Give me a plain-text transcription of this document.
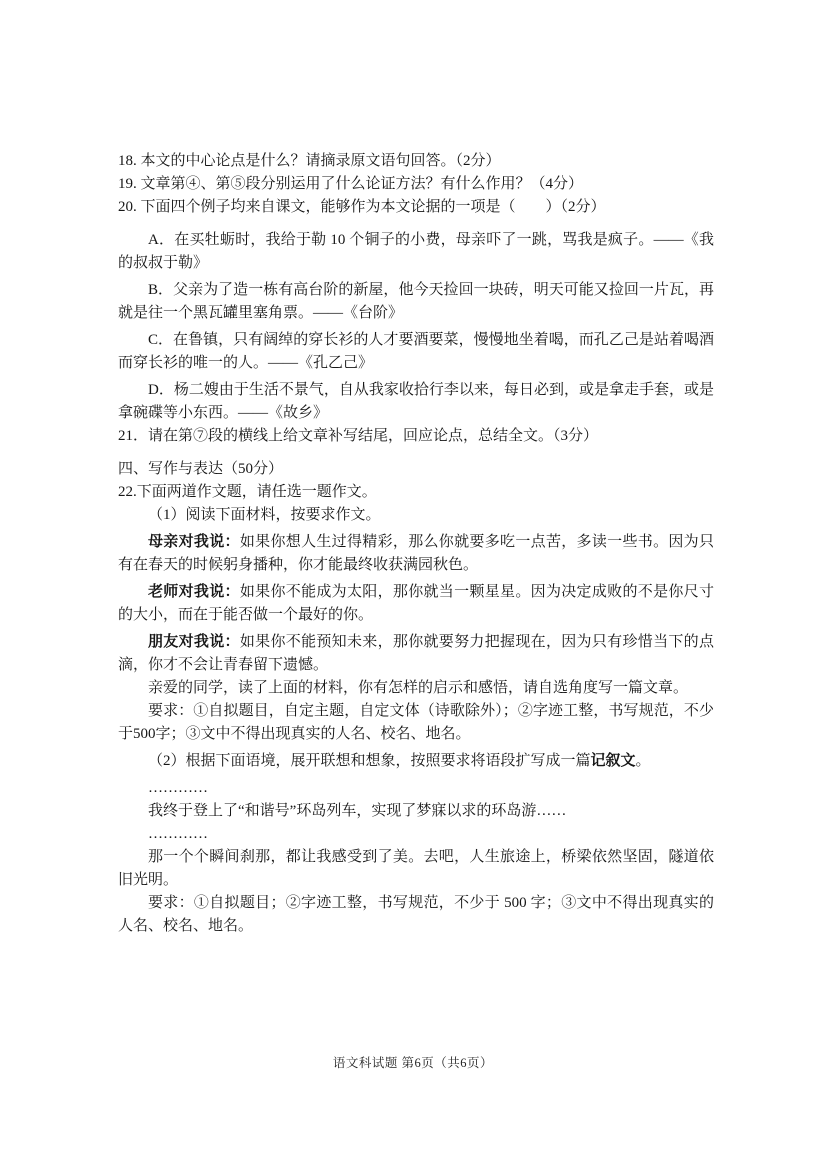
18. 本文的中心论点是什么？请摘录原文语句回答。（2分）

19. 文章第④、第⑤段分别运用了什么论证方法？有什么作用？（4分）

20. 下面四个例子均来自课文，能够作为本文论据的一项是（　　）（2分）

A．在买牡蛎时，我给于勒 10 个铜子的小费，母亲吓了一跳，骂我是疯子。——《我的叔叔于勒》

B．父亲为了造一栋有高台阶的新屋，他今天捡回一块砖，明天可能又捡回一片瓦，再就是往一个黑瓦罐里塞角票。——《台阶》

C．在鲁镇，只有阔绰的穿长衫的人才要酒要菜，慢慢地坐着喝，而孔乙己是站着喝酒而穿长衫的唯一的人。——《孔乙己》

D．杨二嫂由于生活不景气，自从我家收拾行李以来，每日必到，或是拿走手套，或是拿碗碟等小东西。——《故乡》

21．请在第⑦段的横线上给文章补写结尾，回应论点，总结全文。（3分）

四、写作与表达（50分）

22.下面两道作文题，请任选一题作文。

（1）阅读下面材料，按要求作文。

母亲对我说：如果你想人生过得精彩，那么你就要多吃一点苦，多读一些书。因为只有在春天的时候躬身播种，你才能最终收获满园秋色。

老师对我说：如果你不能成为太阳，那你就当一颗星星。因为决定成败的不是你尺寸的大小，而在于能否做一个最好的你。

朋友对我说：如果你不能预知未来，那你就要努力把握现在，因为只有珍惜当下的点滴，你才不会让青春留下遗憾。

亲爱的同学，读了上面的材料，你有怎样的启示和感悟，请自选角度写一篇文章。

要求：①自拟题目，自定主题，自定文体（诗歌除外）；②字迹工整，书写规范，不少于500字；③文中不得出现真实的人名、校名、地名。

（2）根据下面语境，展开联想和想象，按照要求将语段扩写成一篇记叙文。

…………

我终于登上了“和谐号”环岛列车，实现了梦寐以求的环岛游……

…………

那一个个瞬间刹那，都让我感受到了美。去吧，人生旅途上，桥梁依然坚固，隧道依旧光明。

要求：①自拟题目；②字迹工整，书写规范，不少于 500 字；③文中不得出现真实的人名、校名、地名。

语文科试题 第6页（共6页）
